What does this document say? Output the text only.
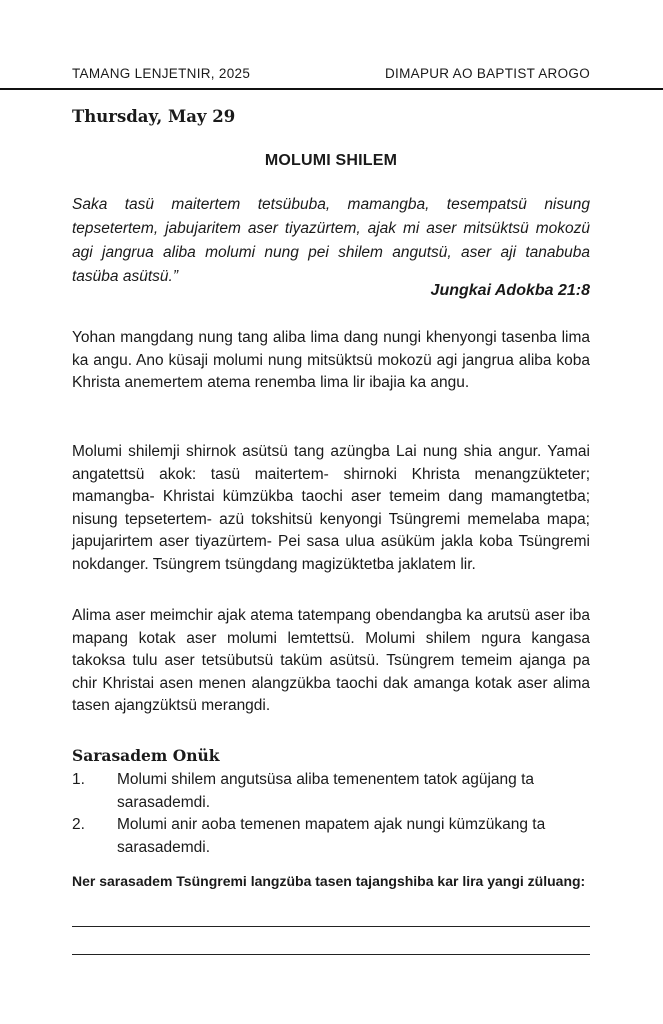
TAMANG LENJETNIR, 2025	DIMAPUR AO BAPTIST AROGO
Thursday, May 29
MOLUMI SHILEM
Saka tasü maitertem tetsübuba, mamangba, tesempatsü nisung tepsetertem, jabujaritem aser tiyazürtem, ajak mi aser mitsüktsü mokozü agi jangrua aliba molumi nung pei shilem angutsü, aser aji tanabuba tasüba asütsü.”
Jungkai Adokba 21:8

Yohan mangdang nung tang aliba lima dang nungi khenyongi tasenba lima ka angu. Ano küsaji molumi nung mitsüktsü mokozü agi jangrua aliba koba Khrista anemertem atema renemba lima lir ibajia ka angu.

Molumi shilemji shirnok asütsü tang azüngba Lai nung shia angur. Yamai angatettsü akok: tasü maitertem- shirnoki Khrista menangzükteter; mamangba- Khristai kümzükba taochi aser temeim dang mamangtetba; nisung tepsetertem- azü tokshitsü kenyongi Tsüngremi memelaba mapa; japujarirtem aser tiyazürtem- Pei sasa ulua asüküm jakla koba Tsüngremi nokdanger. Tsüngrem tsüngdang magizüktetba jaklatem lir.

Alima aser meimchir ajak atema tatempang obendangba ka arutsü aser iba mapang kotak aser molumi lemtettsü. Molumi shilem ngura kangasa takoksa tulu aser tetsübutsü taküm asütsü. Tsüngrem temeim ajanga pa chir Khristai asen menen alangzükba taochi dak amanga kotak aser alima tasen ajangzüktsü merangdi.

Sarasadem Onük
1.	Molumi shilem angutsüsa aliba temenentem tatok agüjang ta sarasademdi.
2.	Molumi anir aoba temenen mapatem ajak nungi kümzükang ta sarasademdi.
Ner sarasadem Tsüngremi langzüba tasen tajangshiba kar lira yangi züluang:
